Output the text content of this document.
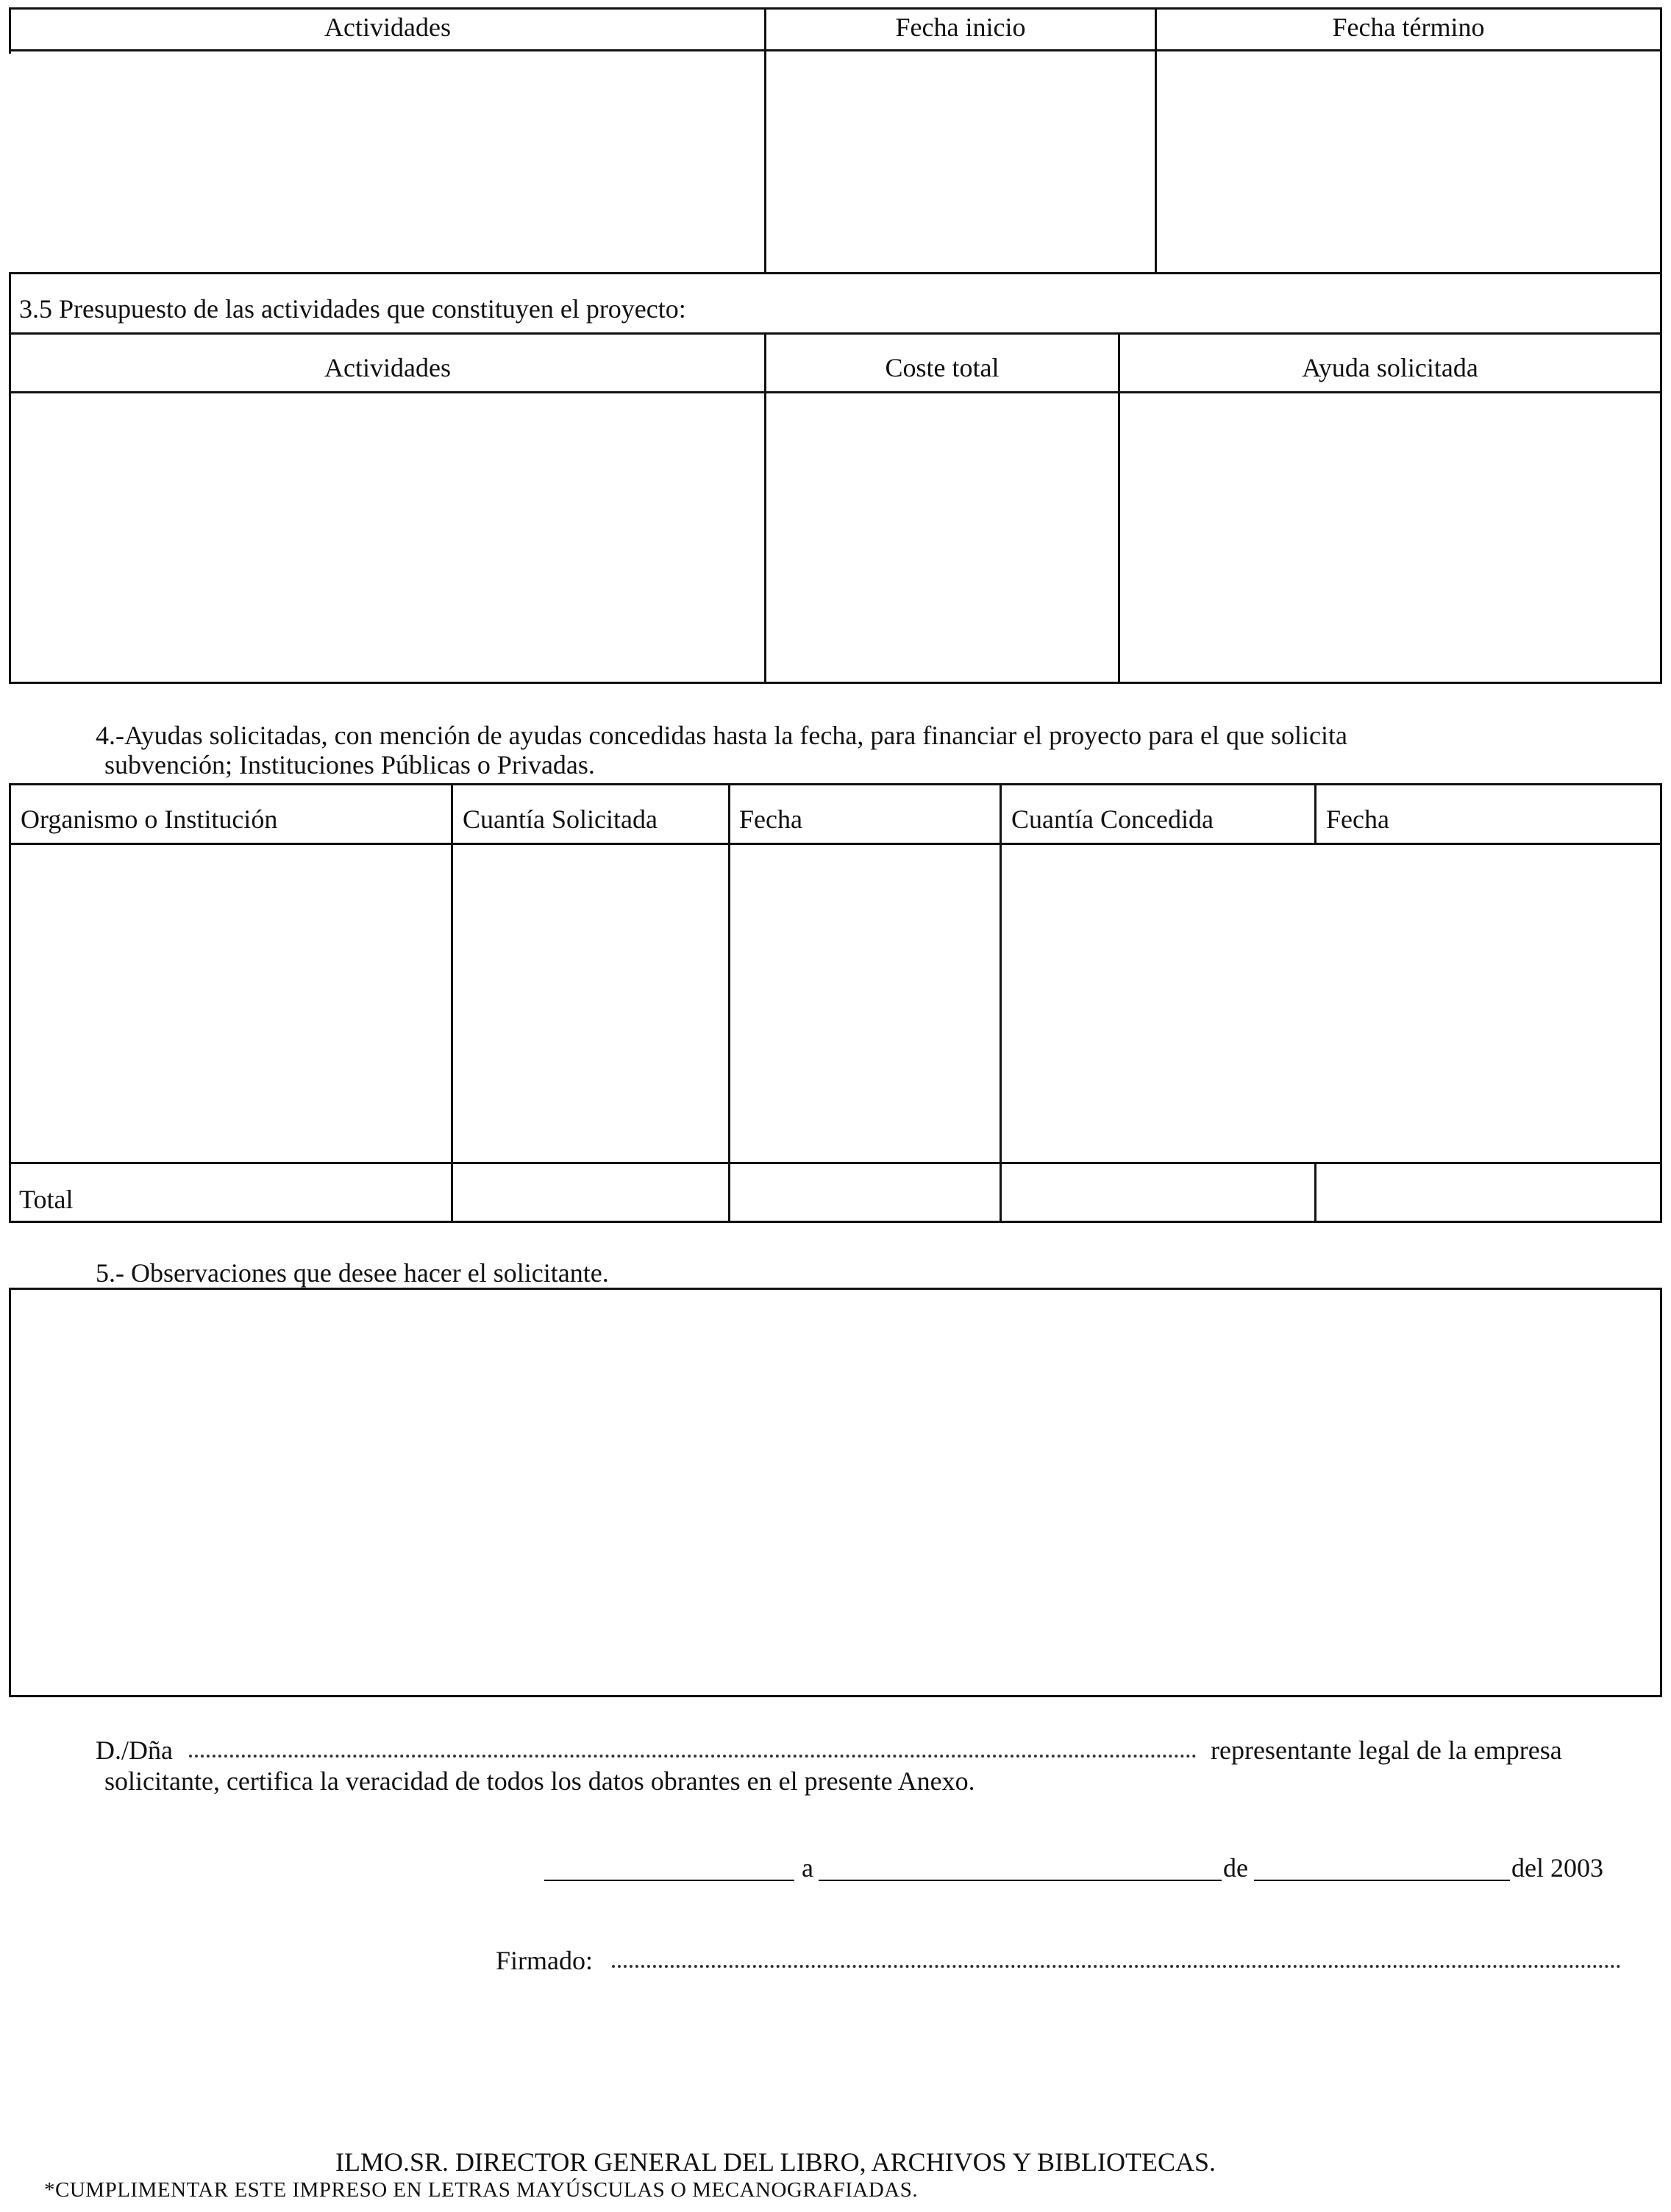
Actividades	Fecha inicio	Fecha término
3.5 Presupuesto de las actividades que constituyen el proyecto:
Actividades	Coste total	Ayuda solicitada
4.-Ayudas solicitadas, con mención de ayudas concedidas hasta la fecha, para financiar el proyecto para el que solicita
subvención; Instituciones Públicas o Privadas.
Organismo o Institución	Cuantía Solicitada	Fecha	Cuantía Concedida	Fecha
Total
5.- Observaciones que desee hacer el solicitante.
D./Dña	representante legal de la empresa
solicitante, certifica la veracidad de todos los datos obrantes en el presente Anexo.
a	de	del 2003
Firmado:
ILMO.SR. DIRECTOR GENERAL DEL LIBRO, ARCHIVOS Y BIBLIOTECAS.
*CUMPLIMENTAR ESTE IMPRESO EN LETRAS MAYÚSCULAS O MECANOGRAFIADAS.
